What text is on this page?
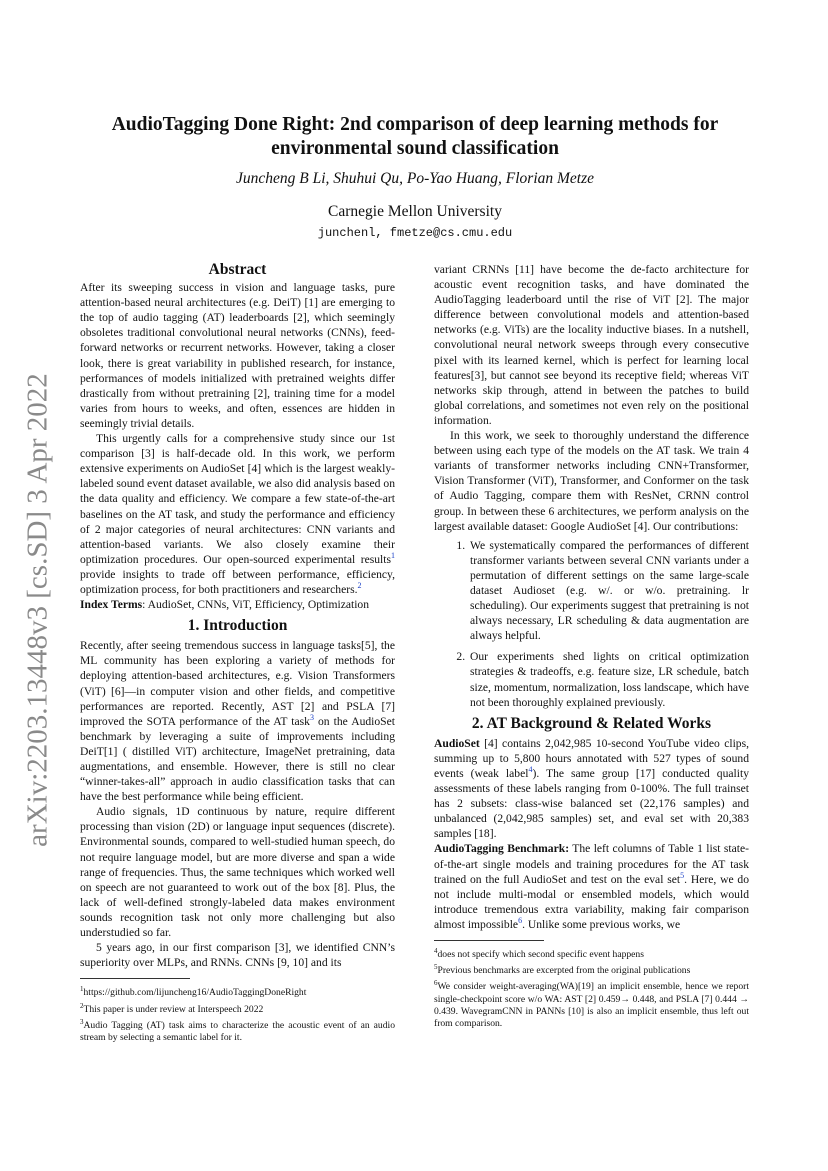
arXiv:2203.13448v3 [cs.SD] 3 Apr 2022
AudioTagging Done Right: 2nd comparison of deep learning methods for
environmental sound classification
Juncheng B Li, Shuhui Qu, Po-Yao Huang, Florian Metze
Carnegie Mellon University
junchenl, fmetze@cs.cmu.edu
Abstract

After its sweeping success in vision and language tasks, pure attention-based neural architectures (e.g. DeiT) [1] are emerging to the top of audio tagging (AT) leaderboards [2], which seemingly obsoletes traditional convolutional neural networks (CNNs), feed-forward networks or recurrent networks. However, taking a closer look, there is great variability in published research, for instance, performances of models initialized with pretrained weights differ drastically from without pretraining [2], training time for a model varies from hours to weeks, and often, essences are hidden in seemingly trivial details.

This urgently calls for a comprehensive study since our 1st comparison [3] is half-decade old. In this work, we perform extensive experiments on AudioSet [4] which is the largest weakly-labeled sound event dataset available, we also did analysis based on the data quality and efficiency. We compare a few state-of-the-art baselines on the AT task, and study the performance and efficiency of 2 major categories of neural architectures: CNN variants and attention-based variants. We also closely examine their optimization procedures. Our open-sourced experimental results$^1$ provide insights to trade off between performance, efficiency, optimization process, for both practitioners and researchers.$^2$

Index Terms: AudioSet, CNNs, ViT, Efficiency, Optimization

1. Introduction

Recently, after seeing tremendous success in language tasks[5], the ML community has been exploring a variety of methods for deploying attention-based architectures, e.g. Vision Transformers (ViT) [6]—in computer vision and other fields, and competitive performances are reported. Recently, AST [2] and PSLA [7] improved the SOTA performance of the AT task$^3$ on the AudioSet benchmark by leveraging a suite of improvements including DeiT[1] ( distilled ViT) architecture, ImageNet pretraining, data augmentations, and ensemble. However, there is still no clear “winner-takes-all” approach in audio classification tasks that can have the best performance while being efficient.

Audio signals, 1D continuous by nature, require different processing than vision (2D) or language input sequences (discrete). Environmental sounds, compared to well-studied human speech, do not require language model, but are more diverse and span a wide range of frequencies. Thus, the same techniques which worked well on speech are not guaranteed to work out of the box [8]. Plus, the lack of well-defined strongly-labeled data makes environment sounds recognition task not only more challenging but also understudied so far.

5 years ago, in our first comparison [3], we identified CNN’s superiority over MLPs, and RNNs. CNNs [9, 10] and its

$^1$https://github.com/lijuncheng16/AudioTaggingDoneRight

$^2$This paper is under review at Interspeech 2022

$^3$Audio Tagging (AT) task aims to characterize the acoustic event of an audio stream by selecting a semantic label for it.

variant CRNNs [11] have become the de-facto architecture for acoustic event recognition tasks, and have dominated the AudioTagging leaderboard until the rise of ViT [2]. The major difference between convolutional models and attention-based networks (e.g. ViTs) are the locality inductive biases. In a nutshell, convolutional neural network sweeps through every consecutive pixel with its learned kernel, which is perfect for learning local features[3], but cannot see beyond its receptive field; whereas ViT networks skip through, attend in between the patches to build global correlations, and sometimes not even rely on the positional information.

In this work, we seek to thoroughly understand the difference between using each type of the models on the AT task. We train 4 variants of transformer networks including CNN+Transformer, Vision Transformer (ViT), Transformer, and Conformer on the task of Audio Tagging, compare them with ResNet, CRNN control group. In between these 6 architectures, we perform analysis on the largest available dataset: Google AudioSet [4]. Our contributions:

1. We systematically compared the performances of different transformer variants between several CNN variants under a permutation of different settings on the same large-scale dataset Audioset (e.g. w/. or w/o. pretraining. lr scheduling). Our experiments suggest that pretraining is not always necessary, LR scheduling & data augmentation are always helpful.
2. Our experiments shed lights on critical optimization strategies & tradeoffs, e.g. feature size, LR schedule, batch size, momentum, normalization, loss landscape, which have not been thoroughly explained previously.
2. AT Background & Related Works

AudioSet [4] contains 2,042,985 10-second YouTube video clips, summing up to 5,800 hours annotated with 527 types of sound events (weak label$^4$). The same group [17] conducted quality assessments of these labels ranging from 0-100%. The full trainset has 2 subsets: class-wise balanced set (22,176 samples) and unbalanced (2,042,985 samples) set, and eval set with 20,383 samples [18].

AudioTagging Benchmark: The left columns of Table 1 list state-of-the-art single models and training procedures for the AT task trained on the full AudioSet and test on the eval set$^5$. Here, we do not include multi-modal or ensembled models, which would introduce tremendous extra variability, making fair comparison almost impossible$^6$. Unlike some previous works, we

$^4$does not specify which second specific event happens

$^5$Previous benchmarks are excerpted from the original publications

$^6$We consider weight-averaging(WA)[19] an implicit ensemble, hence we report single-checkpoint score w/o WA: AST [2] 0.459→ 0.448, and PSLA [7] 0.444 → 0.439. WavegramCNN in PANNs [10] is also an implicit ensemble, thus left out from comparison.
